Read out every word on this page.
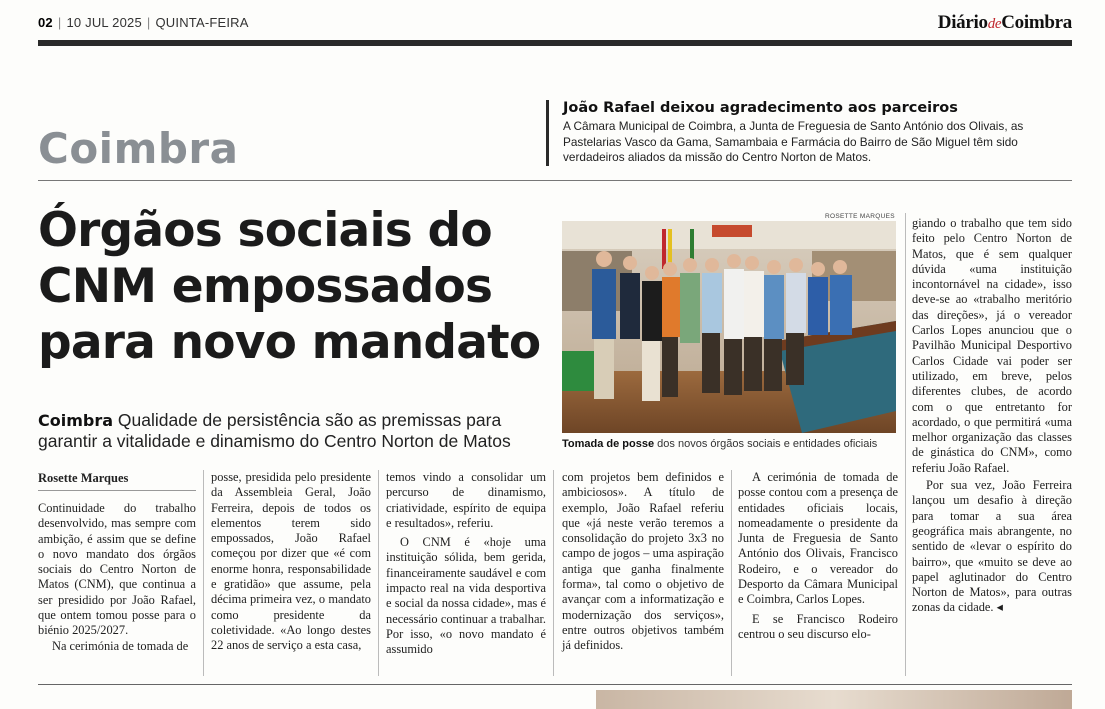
02 | 10 JUL 2025 | QUINTA-FEIRA	DiáriodeCoimbra
Coimbra
João Rafael deixou agradecimento aos parceiros
A Câmara Municipal de Coimbra, a Junta de Freguesia de Santo António dos Olivais, as Pastelarias Vasco da Gama, Samambaia e Farmácia do Bairro de São Miguel têm sido verdadeiros aliados da missão do Centro Norton de Matos.
Órgãos sociais do CNM empossados para novo mandato
Coimbra Qualidade de persistência são as premissas para garantir a vitalidade e dinamismo do Centro Norton de Matos
Rosette Marques

Continuidade do trabalho desenvolvido, mas sempre com ambição, é assim que se define o novo mandato dos órgãos sociais do Centro Norton de Matos (CNM), que continua a ser presidido por João Rafael, que ontem tomou posse para o biénio 2025/2027.

Na cerimónia de tomada de

posse, presidida pelo presidente da Assembleia Geral, João Ferreira, depois de todos os elementos terem sido empossados, João Rafael começou por dizer que «é com enorme honra, responsabilidade e gratidão» que assume, pela décima primeira vez, o mandato como presidente da coletividade. «Ao longo destes 22 anos de serviço a esta casa,

temos vindo a consolidar um percurso de dinamismo, criatividade, espírito de equipa e resultados», referiu.

O CNM é «hoje uma instituição sólida, bem gerida, financeiramente saudável e com impacto real na vida desportiva e social da nossa cidade», mas é necessário continuar a trabalhar. Por isso, «o novo mandato é assumido

com projetos bem definidos e ambiciosos». A título de exemplo, João Rafael referiu que «já neste verão teremos a consolidação do projeto 3x3 no campo de jogos – uma aspiração antiga que ganha finalmente forma», tal como o objetivo de avançar com a informatização e modernização dos serviços», entre outros objetivos também já definidos.

A cerimónia de tomada de posse contou com a presença de entidades oficiais locais, nomeadamente o presidente da Junta de Freguesia de Santo António dos Olivais, Francisco Rodeiro, e o vereador do Desporto da Câmara Municipal e Coimbra, Carlos Lopes.

E se Francisco Rodeiro centrou o seu discurso elo-

giando o trabalho que tem sido feito pelo Centro Norton de Matos, que é sem qualquer dúvida «uma instituição incontornável na cidade», isso deve-se ao «trabalho meritório das direções», já o vereador Carlos Lopes anunciou que o Pavilhão Municipal Desportivo Carlos Cidade vai poder ser utilizado, em breve, pelos diferentes clubes, de acordo com o que entretanto for acordado, o que permitirá «uma melhor organização das classes de ginástica do CNM», como referiu João Rafael.

Por sua vez, João Ferreira lançou um desafio à direção para tomar a sua área geográfica mais abrangente, no sentido de «levar o espírito do bairro», que «muito se deve ao papel aglutinador do Centro Norton de Matos», para outras zonas da cidade. ◂

ROSETTE MARQUES
Tomada de posse dos novos órgãos sociais e entidades oficiais
